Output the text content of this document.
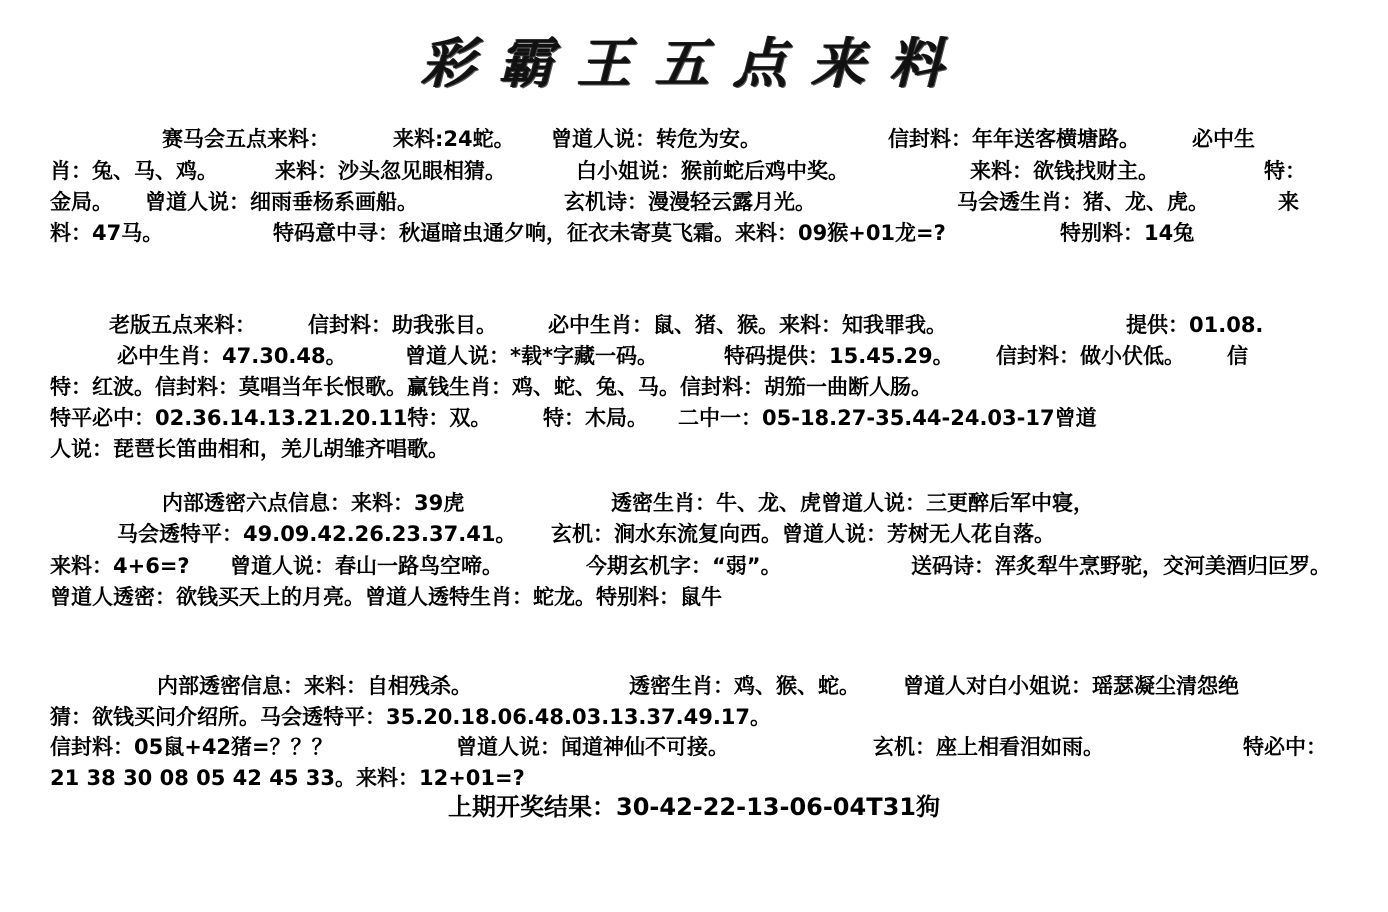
彩霸王五点来料

赛马会五点来料：

	来料:24蛇。

曾道人说：转危为安。

	信封料：年年送客横塘路。

必中生

肖：兔、马、鸡。

	来料：沙头忽见眼相猜。

	白小姐说：猴前蛇后鸡中奖。

	来料：欲钱找财主。

	特：

金局。

曾道人说：细雨垂杨系画船。

	玄机诗：漫漫轻云露月光。

	马会透生肖：猪、龙、虎。

	来

料：47马。

	特码意中寻：秋逼暗虫通夕响，征衣未寄莫飞霜。来料：09猴+01龙=?

	特别料：14兔

老版五点来料：

信封料：助我张目。

必中生肖：鼠、猪、猴。来料：知我罪我。

	提供：01.08.

必中生肖：47.30.48。

	曾道人说：*载*字藏一码。

	特码提供：15.45.29。

信封料：做小伏低。

信

特：红波。信封料：莫唱当年长恨歌。赢钱生肖：鸡、蛇、兔、马。信封料：胡笳一曲断人肠。

特平必中：02.36.14.13.21.20.11特：双。

特：木局。

二中一：05-18.27-35.44-24.03-17曾道

人说：琵琶长笛曲相和，羌儿胡雏齐唱歌。

内部透密六点信息：来料：39虎

	透密生肖：牛、龙、虎曾道人说：三更醉后军中寝，

马会透特平：49.09.42.26.23.37.41。

玄机：涧水东流复向西。曾道人说：芳树无人花自落。

来料：4+6=?

曾道人说：春山一路鸟空啼。

	今期玄机字：“弱”。

	送码诗：浑炙犁牛烹野驼，交河美酒归叵罗。

曾道人透密：欲钱买天上的月亮。曾道人透特生肖：蛇龙。特别料：鼠牛

内部透密信息：来料：自相残杀。

	透密生肖：鸡、猴、蛇。

曾道人对白小姐说：瑶瑟凝尘清怨绝

猜：欲钱买问介绍所。马会透特平：35.20.18.06.48.03.13.37.49.17。

信封料：05鼠+42猪=？？？

	曾道人说：闻道神仙不可接。

	玄机：座上相看泪如雨。

	特必中：

21 38 30 08 05 42 45 33。来料：12+01=?

上期开奖结果：30-42-22-13-06-04T31狗
